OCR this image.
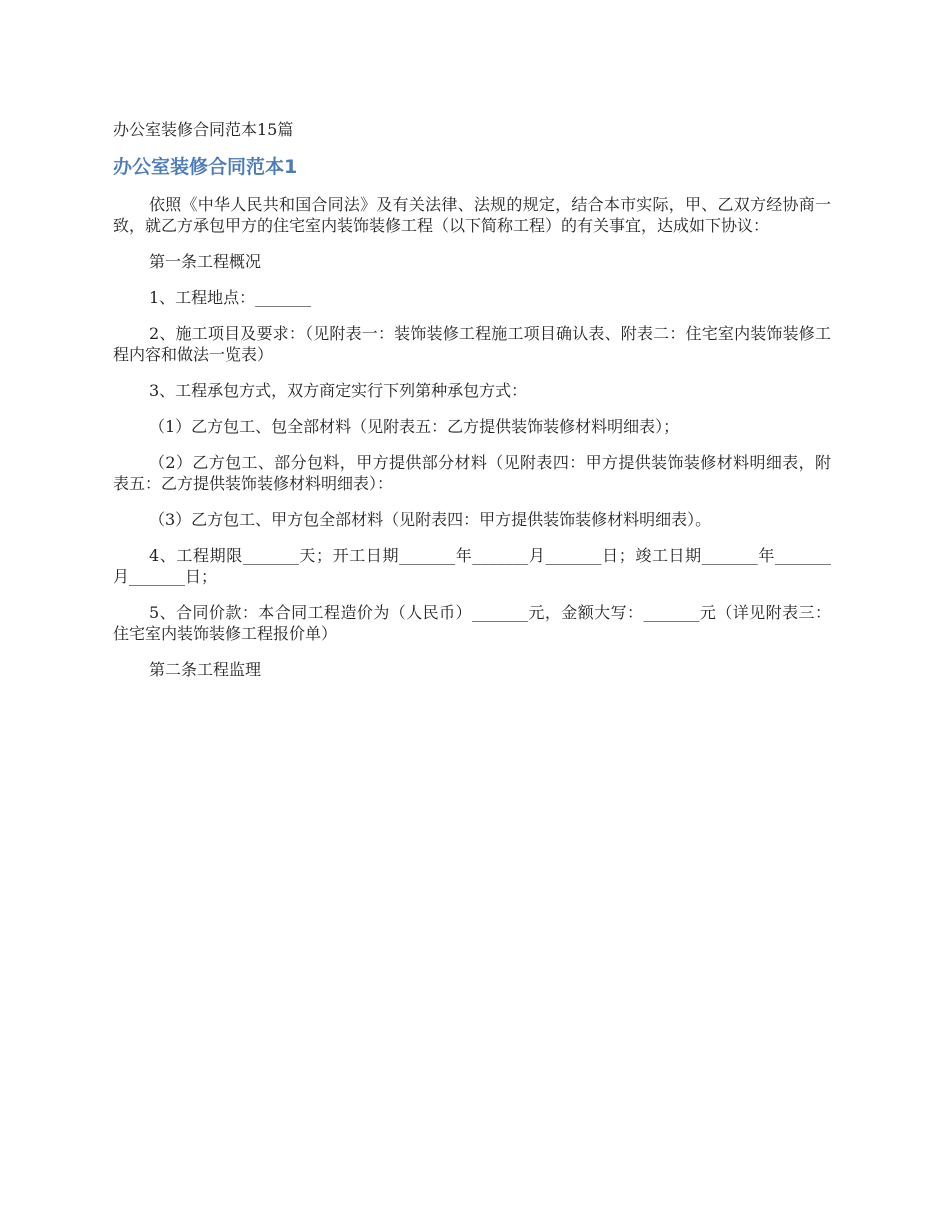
办公室装修合同范本15篇
办公室装修合同范本1

依照《中华人民共和国合同法》及有关法律、法规的规定，结合本市实际，甲、乙双方经协商一致，就乙方承包甲方的住宅室内装饰装修工程（以下简称工程）的有关事宜，达成如下协议：

第一条工程概况

1、工程地点：_______

2、施工项目及要求：（见附表一：装饰装修工程施工项目确认表、附表二：住宅室内装饰装修工程内容和做法一览表）

3、工程承包方式，双方商定实行下列第种承包方式：

（1）乙方包工、包全部材料（见附表五：乙方提供装饰装修材料明细表）；

（2）乙方包工、部分包料，甲方提供部分材料（见附表四：甲方提供装饰装修材料明细表，附表五：乙方提供装饰装修材料明细表）：

（3）乙方包工、甲方包全部材料（见附表四：甲方提供装饰装修材料明细表）。

4、工程期限_______天；开工日期_______年_______月_______日；竣工日期_______年_______月_______日；

5、合同价款：本合同工程造价为（人民币）_______元，金额大写：_______元（详见附表三：住宅室内装饰装修工程报价单）

第二条工程监理
